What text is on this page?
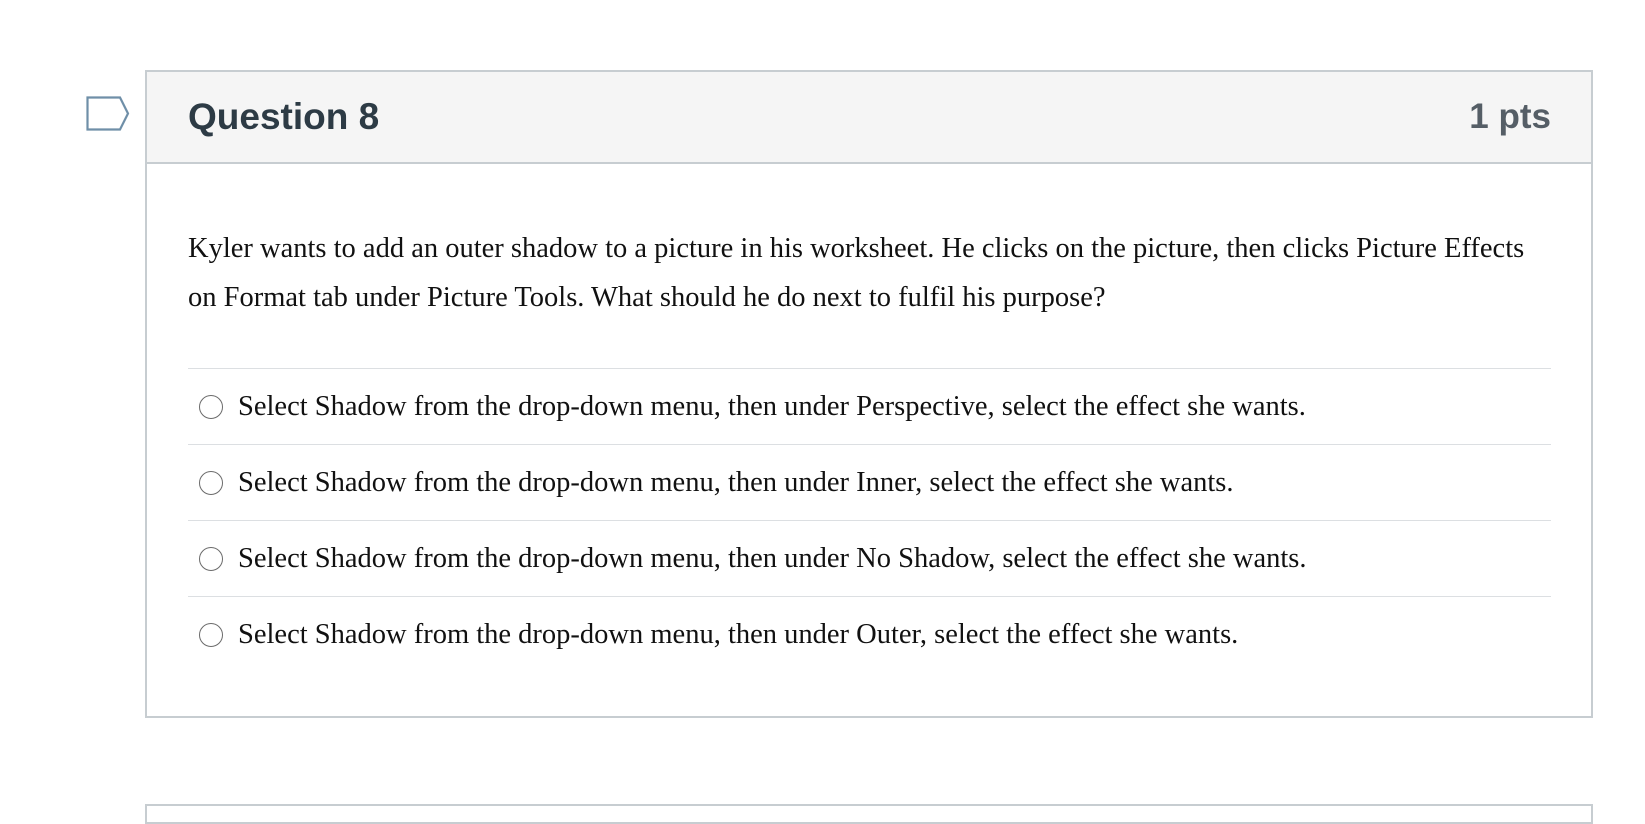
Question 8	1 pts

Kyler wants to add an outer shadow to a picture in his worksheet. He clicks on the picture, then clicks Picture Effects on Format tab under Picture Tools. What should he do next to fulfil his purpose?

Select Shadow from the drop-down menu, then under Perspective, select the effect she wants.
Select Shadow from the drop-down menu, then under Inner, select the effect she wants.
Select Shadow from the drop-down menu, then under No Shadow, select the effect she wants.
Select Shadow from the drop-down menu, then under Outer, select the effect she wants.
